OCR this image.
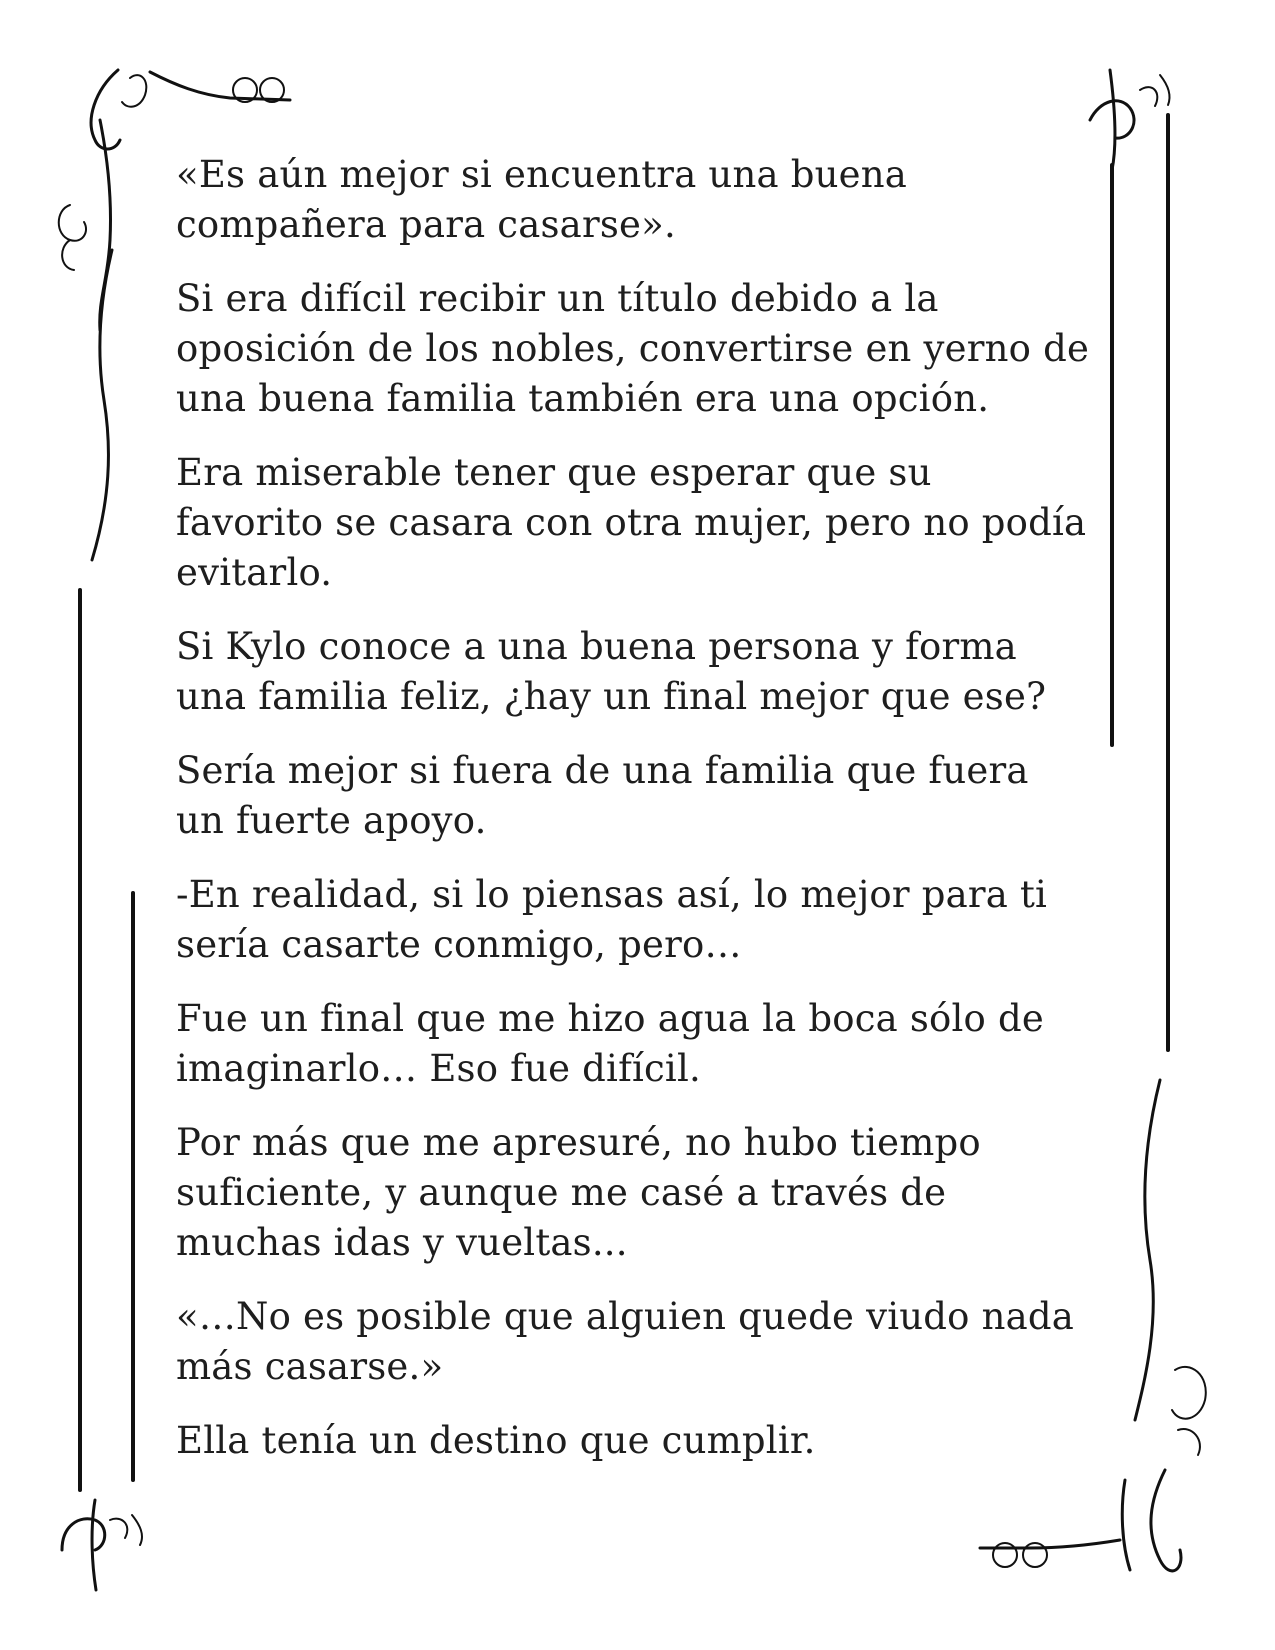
«Es aún mejor si encuentra una buena
compañera para casarse».

Si era difícil recibir un título debido a la
oposición de los nobles, convertirse en yerno de
una buena familia también era una opción.

Era miserable tener que esperar que su
favorito se casara con otra mujer, pero no podía
evitarlo.

Si Kylo conoce a una buena persona y forma
una familia feliz, ¿hay un final mejor que ese?

Sería mejor si fuera de una familia que fuera
un fuerte apoyo.

-En realidad, si lo piensas así, lo mejor para ti
sería casarte conmigo, pero…

Fue un final que me hizo agua la boca sólo de
imaginarlo… Eso fue difícil.

Por más que me apresuré, no hubo tiempo
suficiente, y aunque me casé a través de
muchas idas y vueltas...

«…No es posible que alguien quede viudo nada
más casarse.»

Ella tenía un destino que cumplir.
